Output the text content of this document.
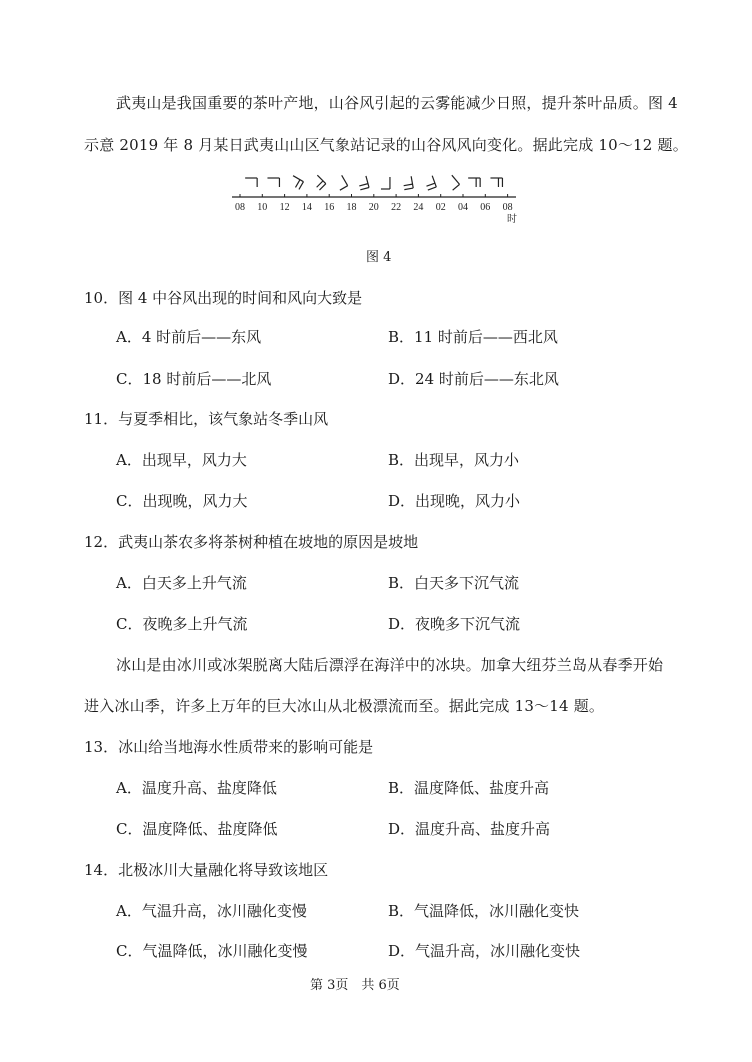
武夷山是我国重要的茶叶产地，山谷风引起的云雾能减少日照，提升茶叶品质。图 4
示意 2019 年 8 月某日武夷山山区气象站记录的山谷风风向变化。据此完成 10～12 题。
08 10 12 14 16 18 20 22 24 02 04 06 08
时
图 4
10．图 4 中谷风出现的时间和风向大致是
A．4 时前后——东风	B．11 时前后——西北风
C．18 时前后——北风	D．24 时前后——东北风
11．与夏季相比，该气象站冬季山风
A．出现早，风力大	B．出现早，风力小
C．出现晚，风力大	D．出现晚，风力小
12．武夷山茶农多将茶树种植在坡地的原因是坡地
A．白天多上升气流	B．白天多下沉气流
C．夜晚多上升气流	D．夜晚多下沉气流
冰山是由冰川或冰架脱离大陆后漂浮在海洋中的冰块。加拿大纽芬兰岛从春季开始
进入冰山季，许多上万年的巨大冰山从北极漂流而至。据此完成 13～14 题。
13．冰山给当地海水性质带来的影响可能是
A．温度升高、盐度降低	B．温度降低、盐度升高
C．温度降低、盐度降低	D．温度升高、盐度升高
14．北极冰川大量融化将导致该地区
A．气温升高，冰川融化变慢	B．气温降低，冰川融化变快
C．气温降低，冰川融化变慢	D．气温升高，冰川融化变快
第 3页　共 6页
